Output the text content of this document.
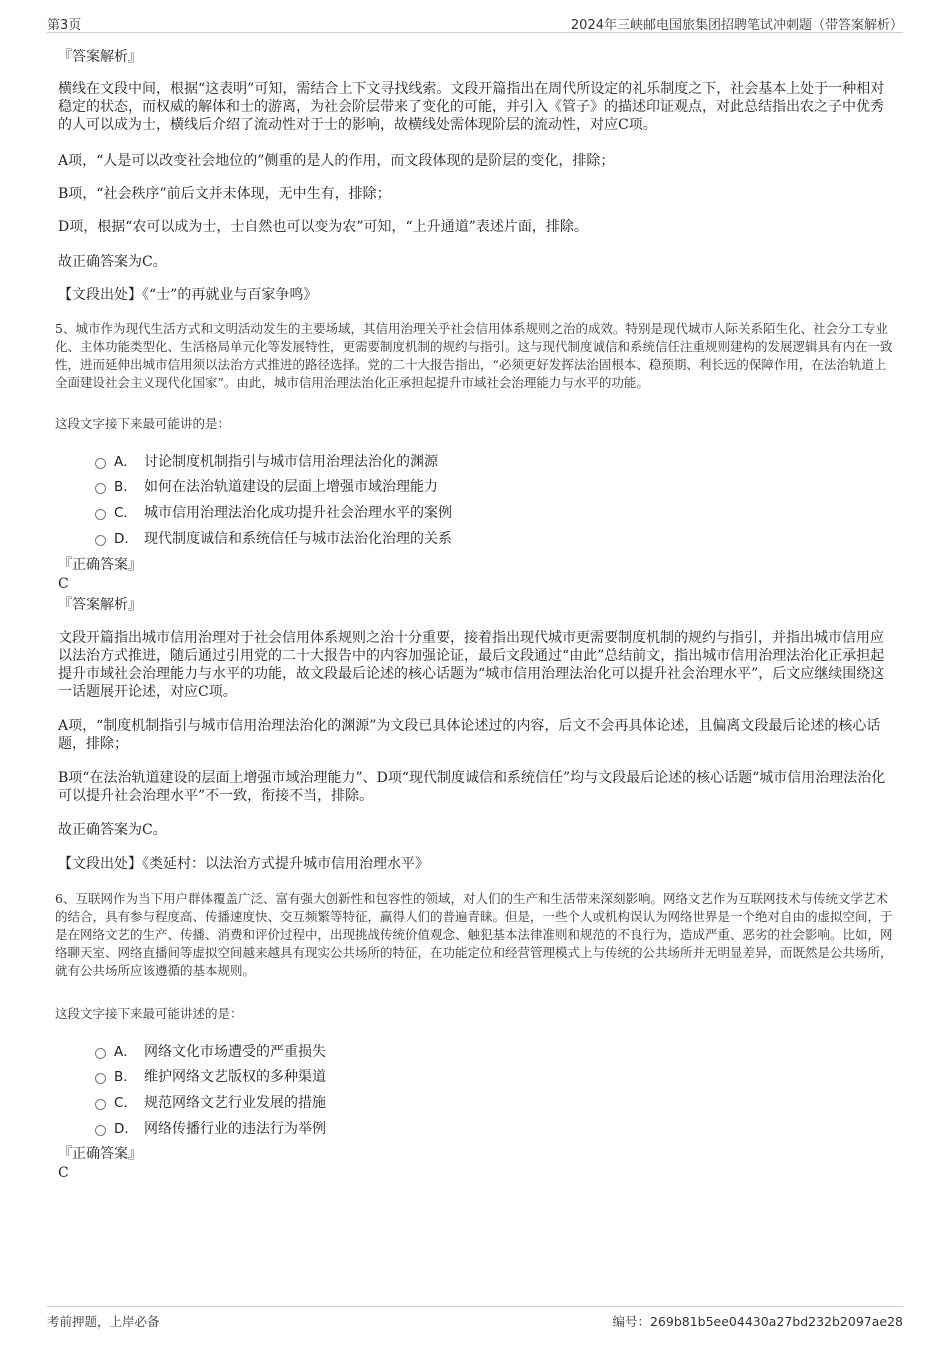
第3页	2024年三峡邮电国旅集团招聘笔试冲刺题（带答案解析）
『答案解析』

横线在文段中间，根据“这表明”可知，需结合上下文寻找线索。文段开篇指出在周代所设定的礼乐制度之下，社会基本上处于一种相对稳定的状态，而权威的解体和士的游离，为社会阶层带来了变化的可能，并引入《管子》的描述印证观点，对此总结指出农之子中优秀的人可以成为士，横线后介绍了流动性对于士的影响，故横线处需体现阶层的流动性，对应C项。

A项，“人是可以改变社会地位的”侧重的是人的作用，而文段体现的是阶层的变化，排除；

B项，“社会秩序”前后文并未体现，无中生有，排除；

D项，根据“农可以成为士，士自然也可以变为农”可知，“上升通道”表述片面，排除。

故正确答案为C。

【文段出处】《“士”的再就业与百家争鸣》

5、城市作为现代生活方式和文明活动发生的主要场域，其信用治理关乎社会信用体系规则之治的成效。特别是现代城市人际关系陌生化、社会分工专业化、主体功能类型化、生活格局单元化等发展特性，更需要制度机制的规约与指引。这与现代制度诚信和系统信任注重规则建构的发展逻辑具有内在一致性，进而延伸出城市信用须以法治方式推进的路径选择。党的二十大报告指出，“必须更好发挥法治固根本、稳预期、利长远的保障作用，在法治轨道上全面建设社会主义现代化国家”。由此，城市信用治理法治化正承担起提升市域社会治理能力与水平的功能。

这段文字接下来最可能讲的是：
A． 讨论制度机制指引与城市信用治理法治化的渊源
B． 如何在法治轨道建设的层面上增强市域治理能力
C． 城市信用治理法治化成功提升社会治理水平的案例
D． 现代制度诚信和系统信任与城市法治化治理的关系
『正确答案』
C
『答案解析』

文段开篇指出城市信用治理对于社会信用体系规则之治十分重要，接着指出现代城市更需要制度机制的规约与指引，并指出城市信用应以法治方式推进，随后通过引用党的二十大报告中的内容加强论证，最后文段通过“由此”总结前文，指出城市信用治理法治化正承担起提升市域社会治理能力与水平的功能，故文段最后论述的核心话题为“城市信用治理法治化可以提升社会治理水平”，后文应继续围绕这一话题展开论述，对应C项。

A项，“制度机制指引与城市信用治理法治化的渊源”为文段已具体论述过的内容，后文不会再具体论述，且偏离文段最后论述的核心话题，排除；

B项“在法治轨道建设的层面上增强市域治理能力”、D项“现代制度诚信和系统信任”均与文段最后论述的核心话题“城市信用治理法治化可以提升社会治理水平”不一致，衔接不当，排除。

故正确答案为C。

【文段出处】《类延村：以法治方式提升城市信用治理水平》

6、互联网作为当下用户群体覆盖广泛、富有强大创新性和包容性的领域，对人们的生产和生活带来深刻影响。网络文艺作为互联网技术与传统文学艺术的结合，具有参与程度高、传播速度快、交互频繁等特征，赢得人们的普遍青睐。但是，一些个人或机构误认为网络世界是一个绝对自由的虚拟空间，于是在网络文艺的生产、传播、消费和评价过程中，出现挑战传统价值观念、触犯基本法律准则和规范的不良行为，造成严重、恶劣的社会影响。比如，网络聊天室、网络直播间等虚拟空间越来越具有现实公共场所的特征，在功能定位和经营管理模式上与传统的公共场所并无明显差异，而既然是公共场所，就有公共场所应该遵循的基本规则。

这段文字接下来最可能讲述的是：
A． 网络文化市场遭受的严重损失
B． 维护网络文艺版权的多种渠道
C． 规范网络文艺行业发展的措施
D． 网络传播行业的违法行为举例
『正确答案』
C
考前押题，上岸必备	编号：269b81b5ee04430a27bd232b2097ae28
